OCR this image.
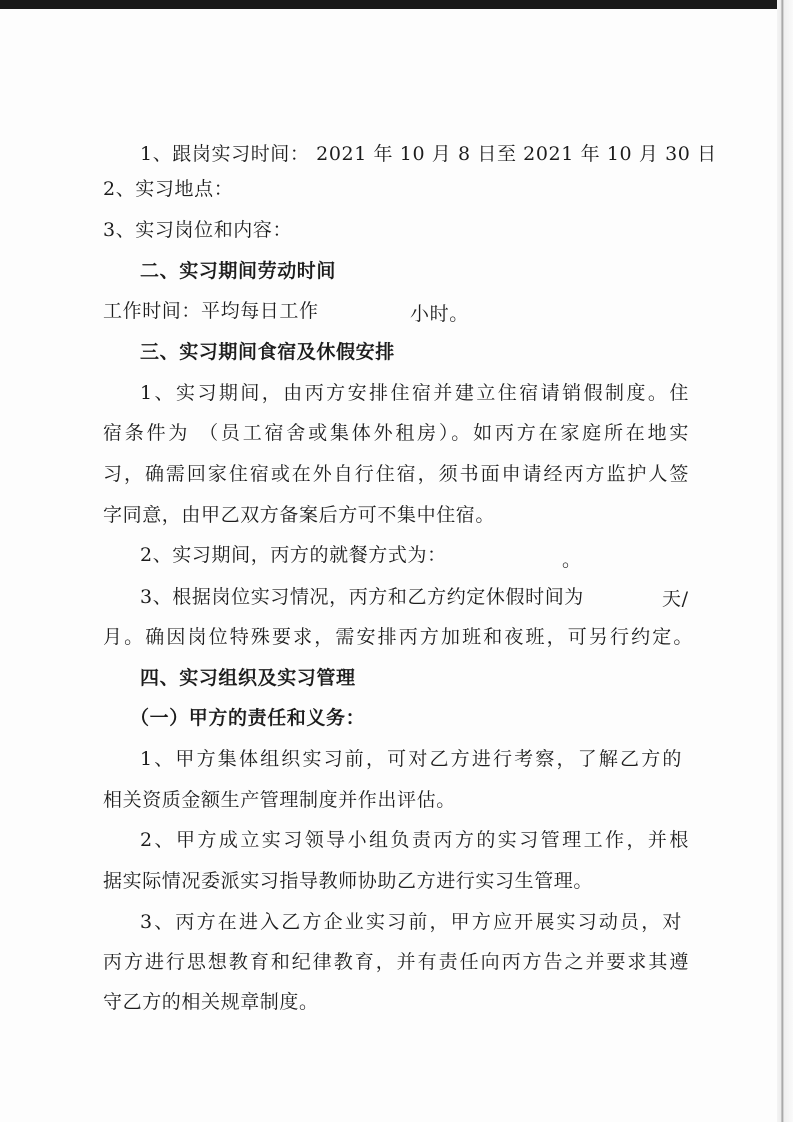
1、跟岗实习时间： 2021 年 10 月 8 日至 2021 年 10 月 30 日
2、实习地点：
3、实习岗位和内容：
二、实习期间劳动时间
工作时间：平均每日工作	小时。
三、实习期间食宿及休假安排
1、实习期间，由丙方安排住宿并建立住宿请销假制度。住
宿条件为 （员工宿舍或集体外租房）。如丙方在家庭所在地实
习，确需回家住宿或在外自行住宿，须书面申请经丙方监护人签
字同意，由甲乙双方备案后方可不集中住宿。
2、实习期间，丙方的就餐方式为：	。
3、根据岗位实习情况，丙方和乙方约定休假时间为	天/
月。确因岗位特殊要求，需安排丙方加班和夜班，可另行约定。
四、实习组织及实习管理
（一）甲方的责任和义务：
1、甲方集体组织实习前，可对乙方进行考察，了解乙方的
相关资质金额生产管理制度并作出评估。
2、甲方成立实习领导小组负责丙方的实习管理工作，并根
据实际情况委派实习指导教师协助乙方进行实习生管理。
3、丙方在进入乙方企业实习前，甲方应开展实习动员，对
丙方进行思想教育和纪律教育，并有责任向丙方告之并要求其遵
守乙方的相关规章制度。
